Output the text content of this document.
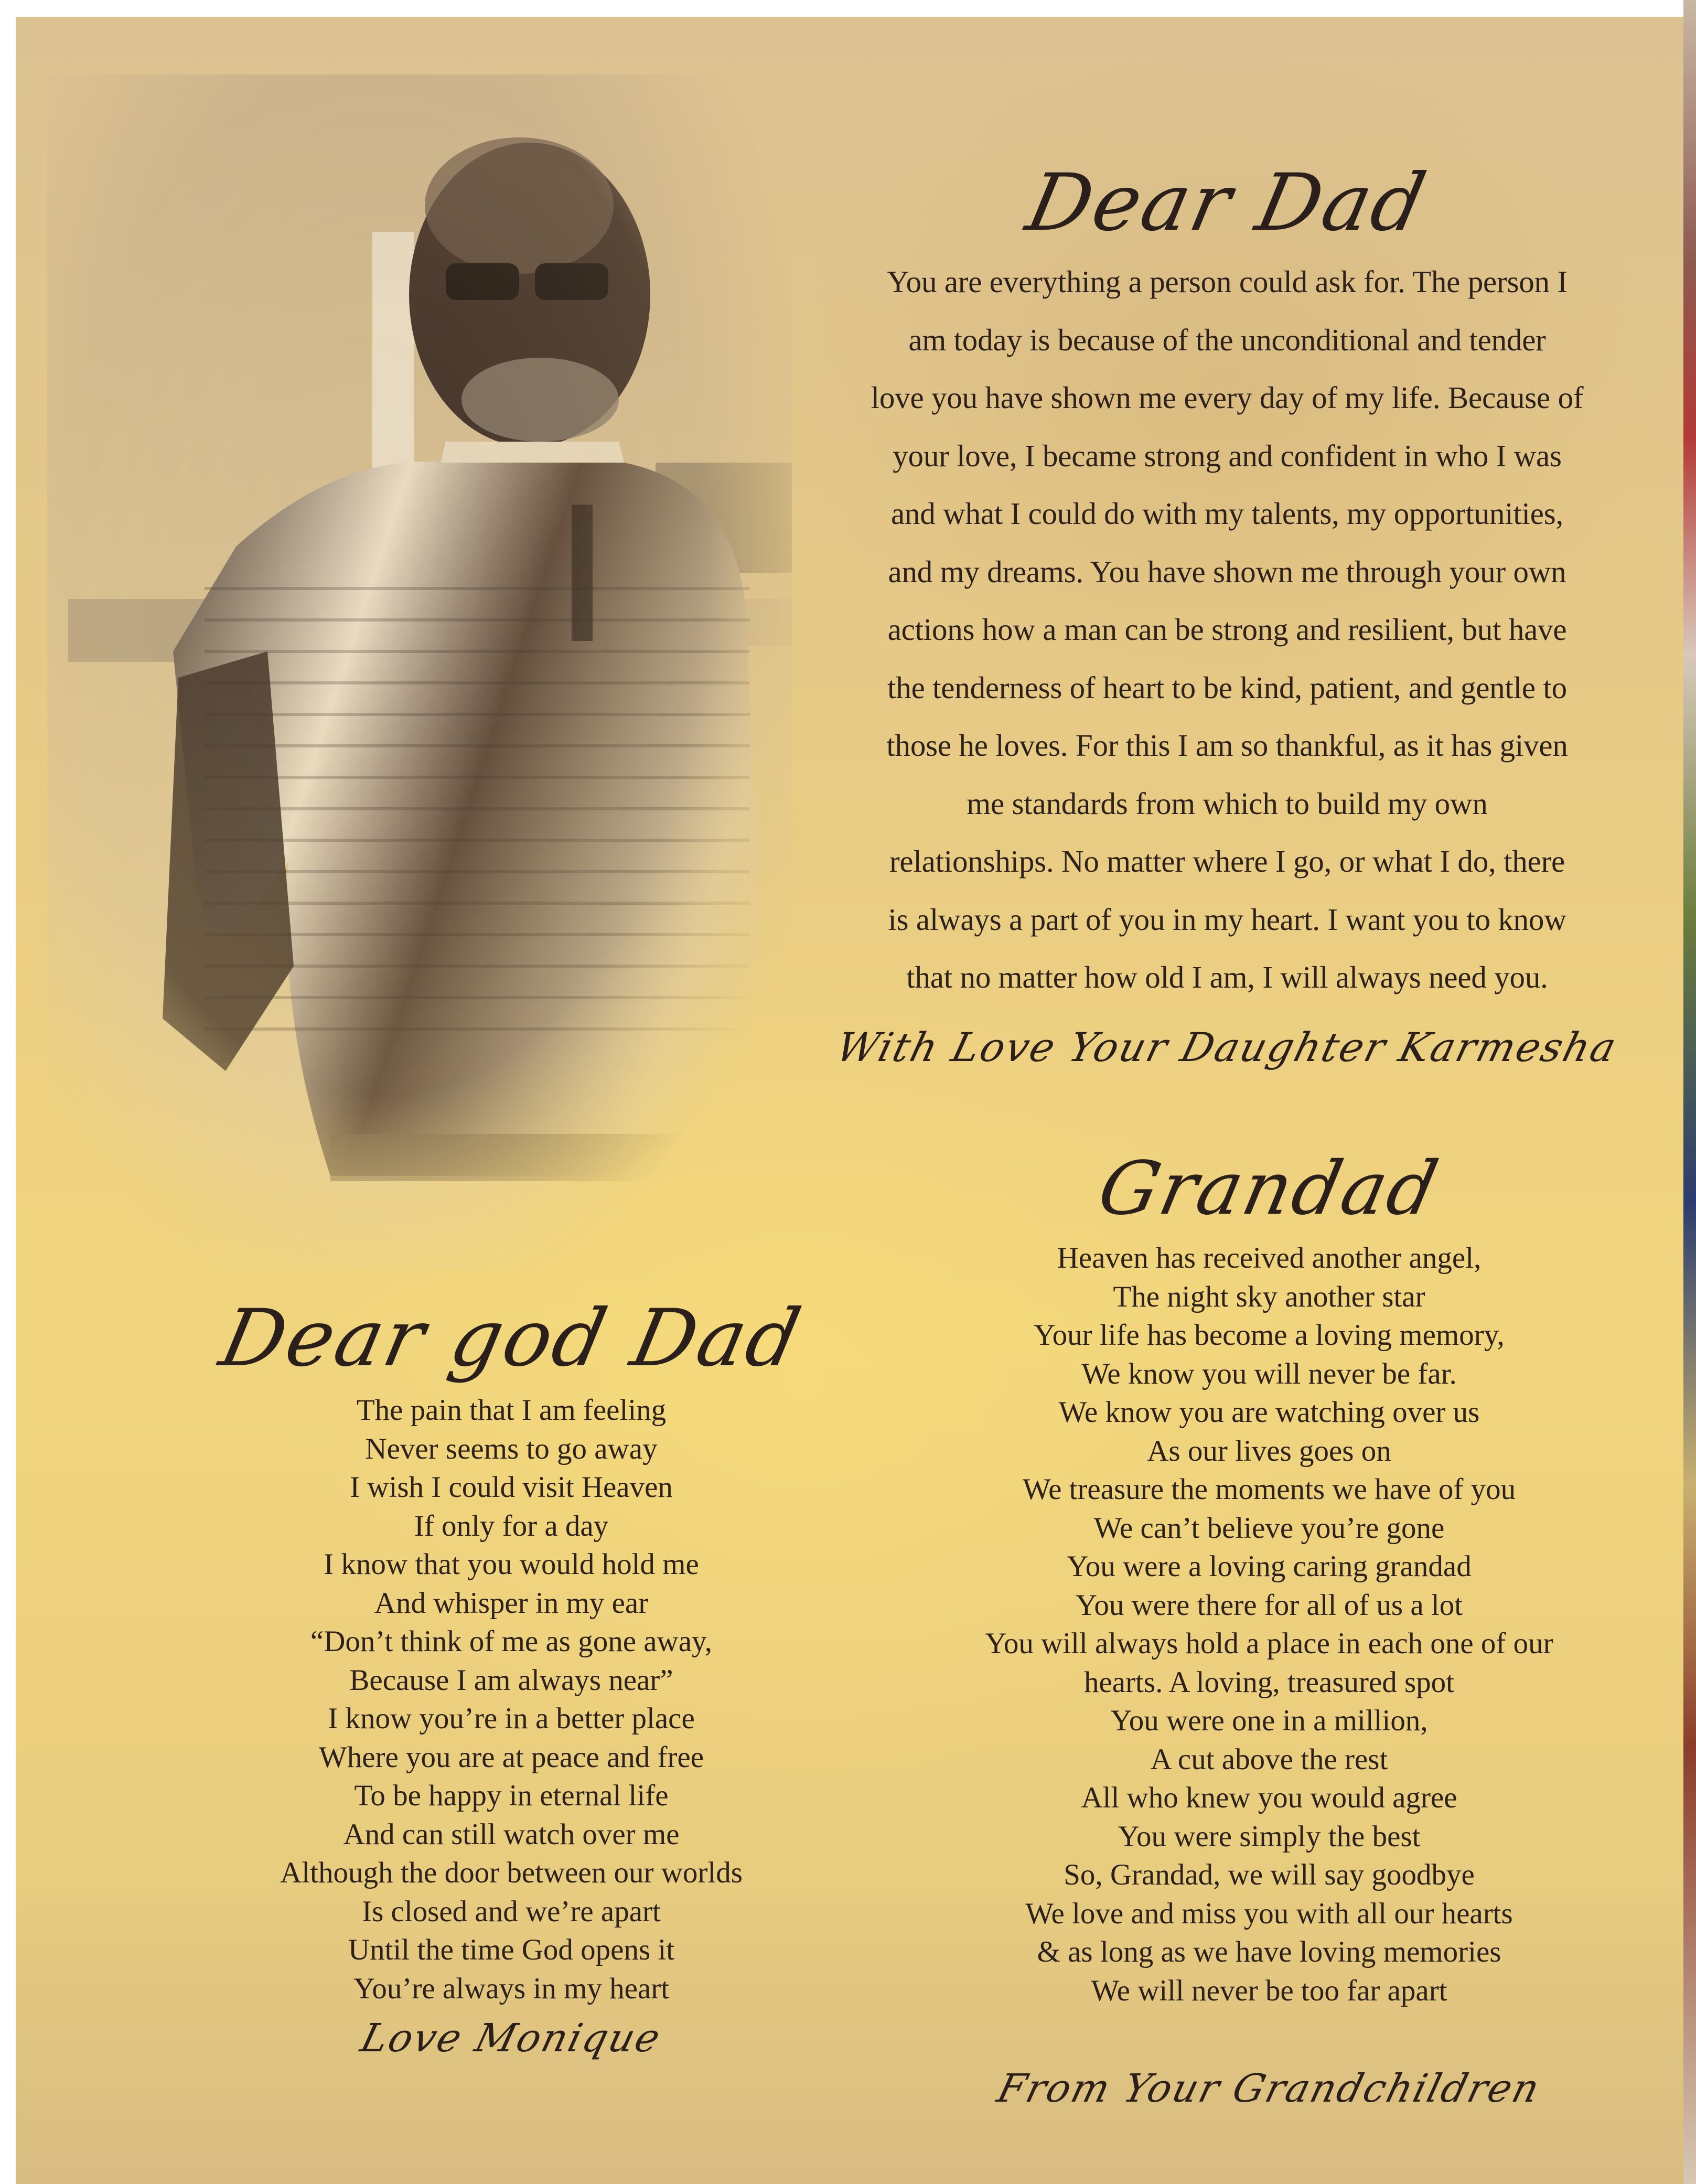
Dear Dad
You are everything a person could ask for. The person I
am today is because of the unconditional and tender
love you have shown me every day of my life. Because of
your love, I became strong and confident in who I was
and what I could do with my talents, my opportunities,
and my dreams. You have shown me through your own
actions how a man can be strong and resilient, but have
the tenderness of heart to be kind, patient, and gentle to
those he loves. For this I am so thankful, as it has given
me standards from which to build my own
relationships. No matter where I go, or what I do, there
is always a part of you in my heart. I want you to know
that no matter how old I am, I will always need you.
With Love Your Daughter Karmesha
Grandad
Heaven has received another angel,
The night sky another star
Your life has become a loving memory,
We know you will never be far.
We know you are watching over us
As our lives goes on
We treasure the moments we have of you
We can’t believe you’re gone
You were a loving caring grandad
You were there for all of us a lot
You will always hold a place in each one of our
hearts. A loving, treasured spot
You were one in a million,
A cut above the rest
All who knew you would agree
You were simply the best
So, Grandad, we will say goodbye
We love and miss you with all our hearts
& as long as we have loving memories
We will never be too far apart
From Your Grandchildren
Dear god Dad
The pain that I am feeling
Never seems to go away
I wish I could visit Heaven
If only for a day
I know that you would hold me
And whisper in my ear
“Don’t think of me as gone away,
Because I am always near”
I know you’re in a better place
Where you are at peace and free
To be happy in eternal life
And can still watch over me
Although the door between our worlds
Is closed and we’re apart
Until the time God opens it
You’re always in my heart
Love Monique
